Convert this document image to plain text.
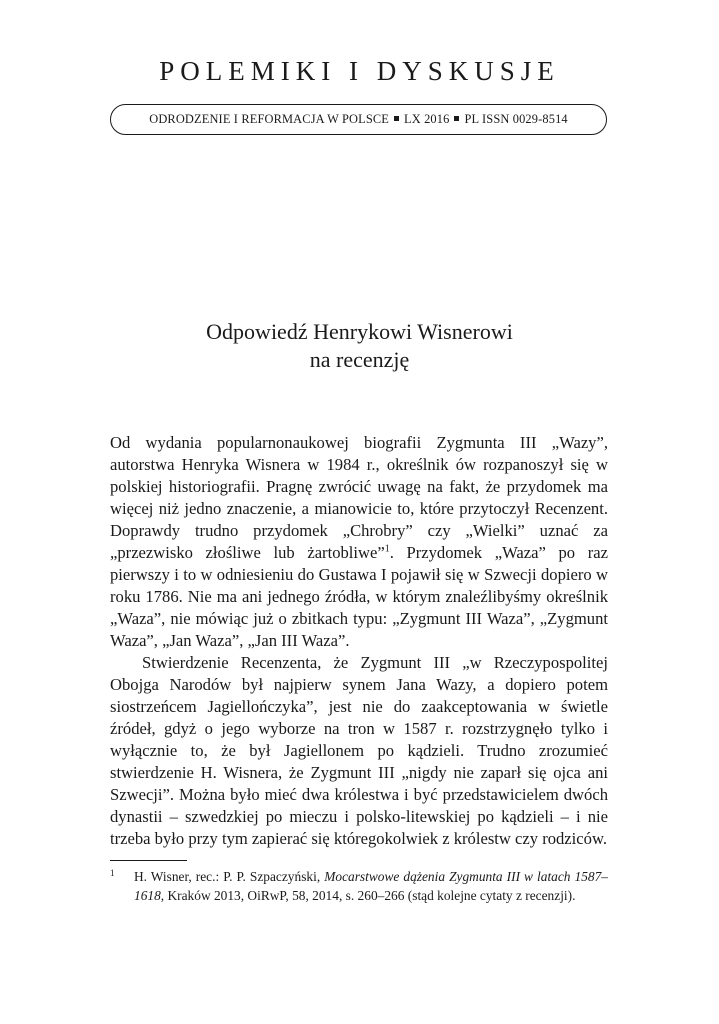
POLEMIKI I DYSKUSJE
ODRODZENIE I REFORMACJA W POLSCE LX 2016 PL ISSN 0029-8514
Odpowiedź Henrykowi Wisnerowi
na recenzję

Od wydania popularnonaukowej biografii Zygmunta III „Wazy”, autorstwa Henryka Wisnera w 1984 r., określnik ów rozpanoszył się w polskiej historiografii. Pragnę zwrócić uwagę na fakt, że przydomek ma więcej niż jedno znaczenie, a mianowicie to, które przytoczył Recenzent. Doprawdy trudno przydomek „Chrobry” czy „Wielki” uznać za „przezwisko złośliwe lub żartobliwe”$^1$. Przydomek „Waza” po raz pierwszy i to w odniesieniu do Gustawa I pojawił się w Szwecji dopiero w roku 1786. Nie ma ani jednego źródła, w którym znaleźlibyśmy określnik „Waza”, nie mówiąc już o zbitkach typu: „Zygmunt III Waza”, „Zygmunt Waza”, „Jan Waza”, „Jan III Waza”.

Stwierdzenie Recenzenta, że Zygmunt III „w Rzeczypospolitej Obojga Narodów był najpierw synem Jana Wazy, a dopiero potem siostrzeńcem Jagiellończyka”, jest nie do zaakceptowania w świetle źródeł, gdyż o jego wyborze na tron w 1587 r. rozstrzygnęło tylko i wyłącznie to, że był Jagiellonem po kądzieli. Trudno zrozumieć stwierdzenie H. Wisnera, że Zygmunt III „nigdy nie zaparł się ojca ani Szwecji”. Można było mieć dwa królestwa i być przedstawicielem dwóch dynastii – szwedzkiej po mieczu i polsko-litewskiej po kądzieli – i nie trzeba było przy tym zapierać się któregokolwiek z królestw czy rodziców.

1	H. Wisner, rec.: P. P. Szpaczyński, Mocarstwowe dążenia Zygmunta III w latach 1587–1618, Kraków 2013, OiRwP, 58, 2014, s. 260–266 (stąd kolejne cytaty z recenzji).
